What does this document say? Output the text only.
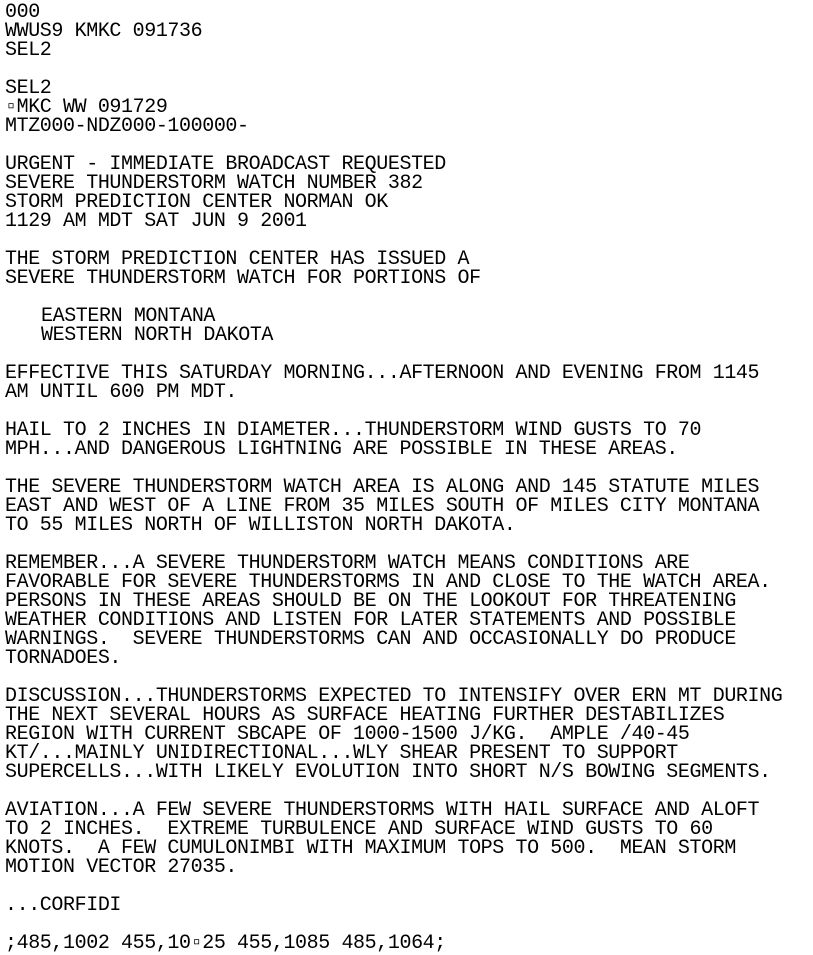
000
WWUS9 KMKC 091736
SEL2
SEL2
▫MKC WW 091729
MTZ000-NDZ000-100000-
URGENT - IMMEDIATE BROADCAST REQUESTED
SEVERE THUNDERSTORM WATCH NUMBER 382
STORM PREDICTION CENTER NORMAN OK
1129 AM MDT SAT JUN 9 2001
THE STORM PREDICTION CENTER HAS ISSUED A
SEVERE THUNDERSTORM WATCH FOR PORTIONS OF
EASTERN MONTANA
WESTERN NORTH DAKOTA
EFFECTIVE THIS SATURDAY MORNING...AFTERNOON AND EVENING FROM 1145
AM UNTIL 600 PM MDT.
HAIL TO 2 INCHES IN DIAMETER...THUNDERSTORM WIND GUSTS TO 70
MPH...AND DANGEROUS LIGHTNING ARE POSSIBLE IN THESE AREAS.
THE SEVERE THUNDERSTORM WATCH AREA IS ALONG AND 145 STATUTE MILES
EAST AND WEST OF A LINE FROM 35 MILES SOUTH OF MILES CITY MONTANA
TO 55 MILES NORTH OF WILLISTON NORTH DAKOTA.
REMEMBER...A SEVERE THUNDERSTORM WATCH MEANS CONDITIONS ARE
FAVORABLE FOR SEVERE THUNDERSTORMS IN AND CLOSE TO THE WATCH AREA.
PERSONS IN THESE AREAS SHOULD BE ON THE LOOKOUT FOR THREATENING
WEATHER CONDITIONS AND LISTEN FOR LATER STATEMENTS AND POSSIBLE
WARNINGS.  SEVERE THUNDERSTORMS CAN AND OCCASIONALLY DO PRODUCE
TORNADOES.
DISCUSSION...THUNDERSTORMS EXPECTED TO INTENSIFY OVER ERN MT DURING
THE NEXT SEVERAL HOURS AS SURFACE HEATING FURTHER DESTABILIZES
REGION WITH CURRENT SBCAPE OF 1000-1500 J/KG.  AMPLE /40-45
KT/...MAINLY UNIDIRECTIONAL...WLY SHEAR PRESENT TO SUPPORT
SUPERCELLS...WITH LIKELY EVOLUTION INTO SHORT N/S BOWING SEGMENTS.
AVIATION...A FEW SEVERE THUNDERSTORMS WITH HAIL SURFACE AND ALOFT
TO 2 INCHES.  EXTREME TURBULENCE AND SURFACE WIND GUSTS TO 60
KNOTS.  A FEW CUMULONIMBI WITH MAXIMUM TOPS TO 500.  MEAN STORM
MOTION VECTOR 27035.
...CORFIDI
;485,1002 455,10▫25 455,1085 485,1064;
